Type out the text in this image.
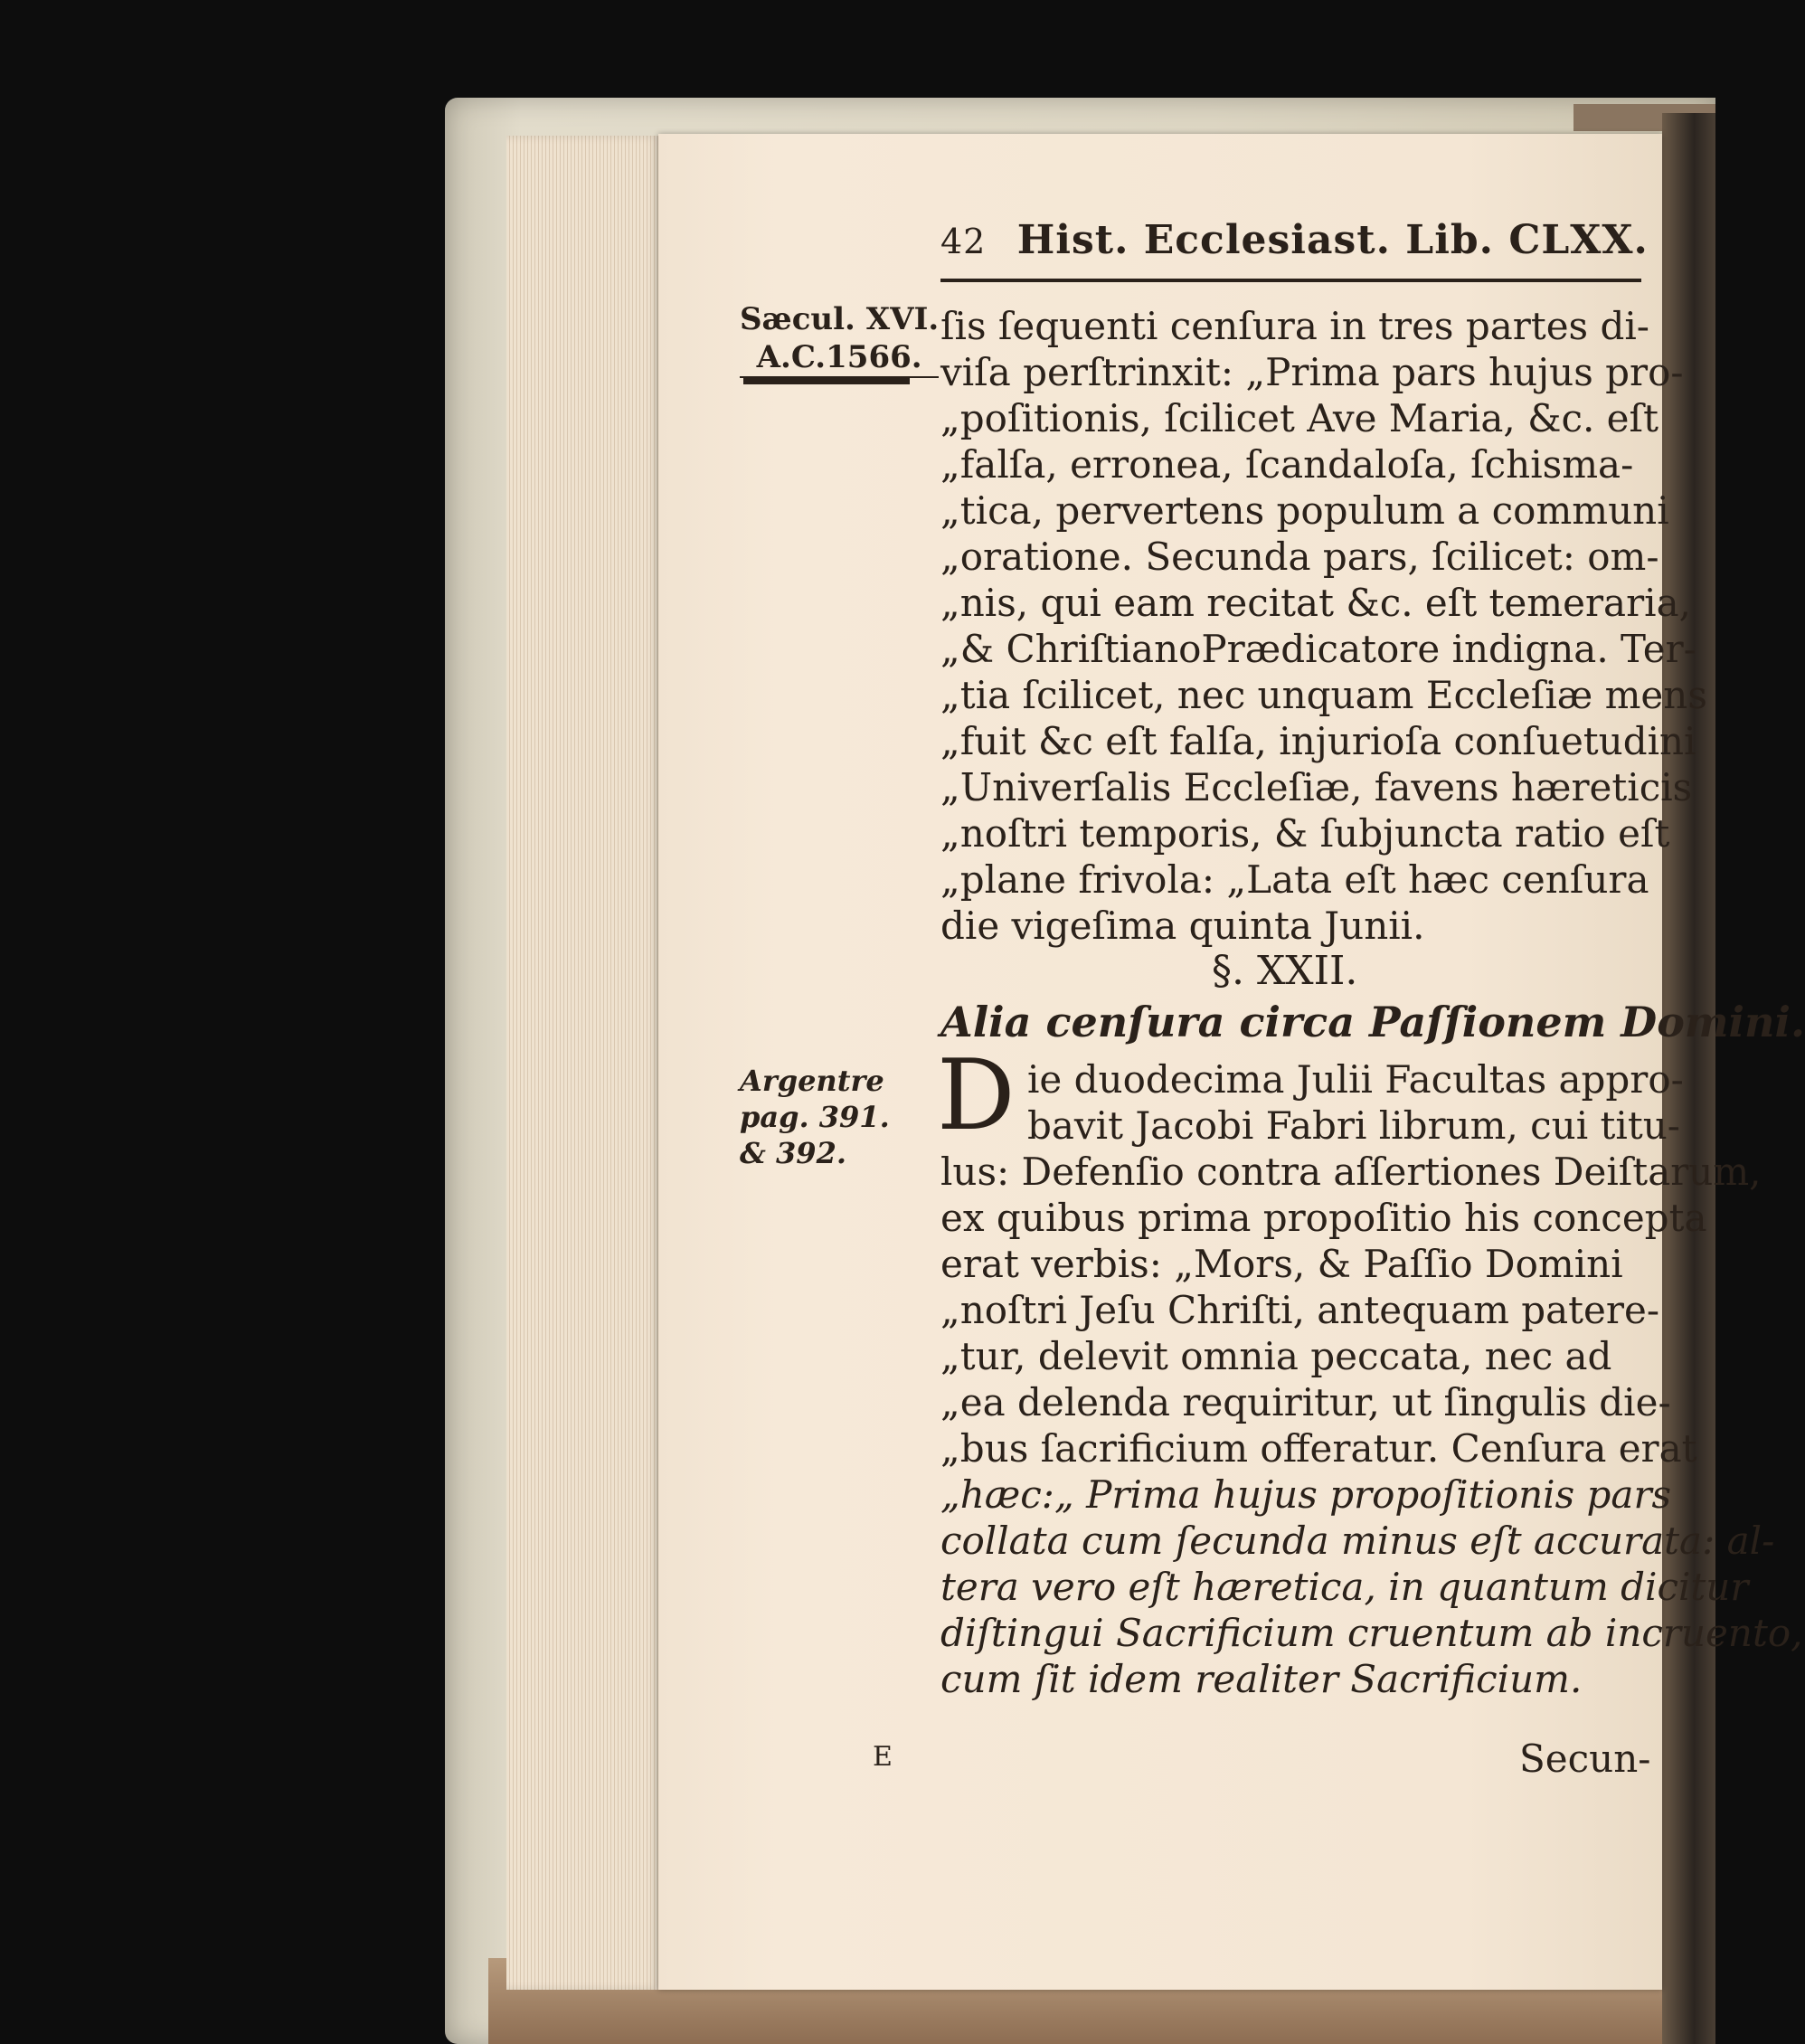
42 Hist. Ecclesiast. Lib. CLXX.
Sæcul. XVI.

A.C.1566.
ſis ſequenti cenſura in tres partes di-
viſa perſtrinxit: „Prima pars hujus pro-
„poſitionis, ſcilicet Ave Maria, &c. eſt
„falſa, erronea, ſcandaloſa, ſchisma-
„tica, pervertens populum a communi
„oratione. Secunda pars, ſcilicet: om-
„nis, qui eam recitat &c. eſt temeraria,
„& ChriſtianoPrædicatore indigna. Ter-
„tia ſcilicet, nec unquam Eccleſiæ mens
„fuit &c eſt falſa, injurioſa conſuetudini
„Univerſalis Eccleſiæ, favens hæreticis
„noſtri temporis, & ſubjuncta ratio eſt
„plane frivola: „Lata eſt hæc cenſura
die vigeſima quinta Junii.
§. XXII.
Alia cenſura circa Paſſionem Domini.
Argentre
pag. 391.
& 392.
D ie duodecima Julii Facultas appro-
bavit Jacobi Fabri librum, cui titu-
lus: Defenſio contra aſſertiones Deiſtarum,
ex quibus prima propoſitio his concepta
erat verbis: „Mors, & Paſſio Domini
„noſtri Jeſu Chriſti, antequam patere-
„tur, delevit omnia peccata, nec ad
„ea delenda requiritur, ut ſingulis die-
„bus ſacrificium offeratur. Cenſura erat
„hæc:„ Prima hujus propoſitionis pars
collata cum ſecunda minus eſt accurata: al-
tera vero eſt hæretica, in quantum dicitur
diſtingui Sacrificium cruentum ab incruento,
cum ſit idem realiter Sacrificium.
E	Secun-
